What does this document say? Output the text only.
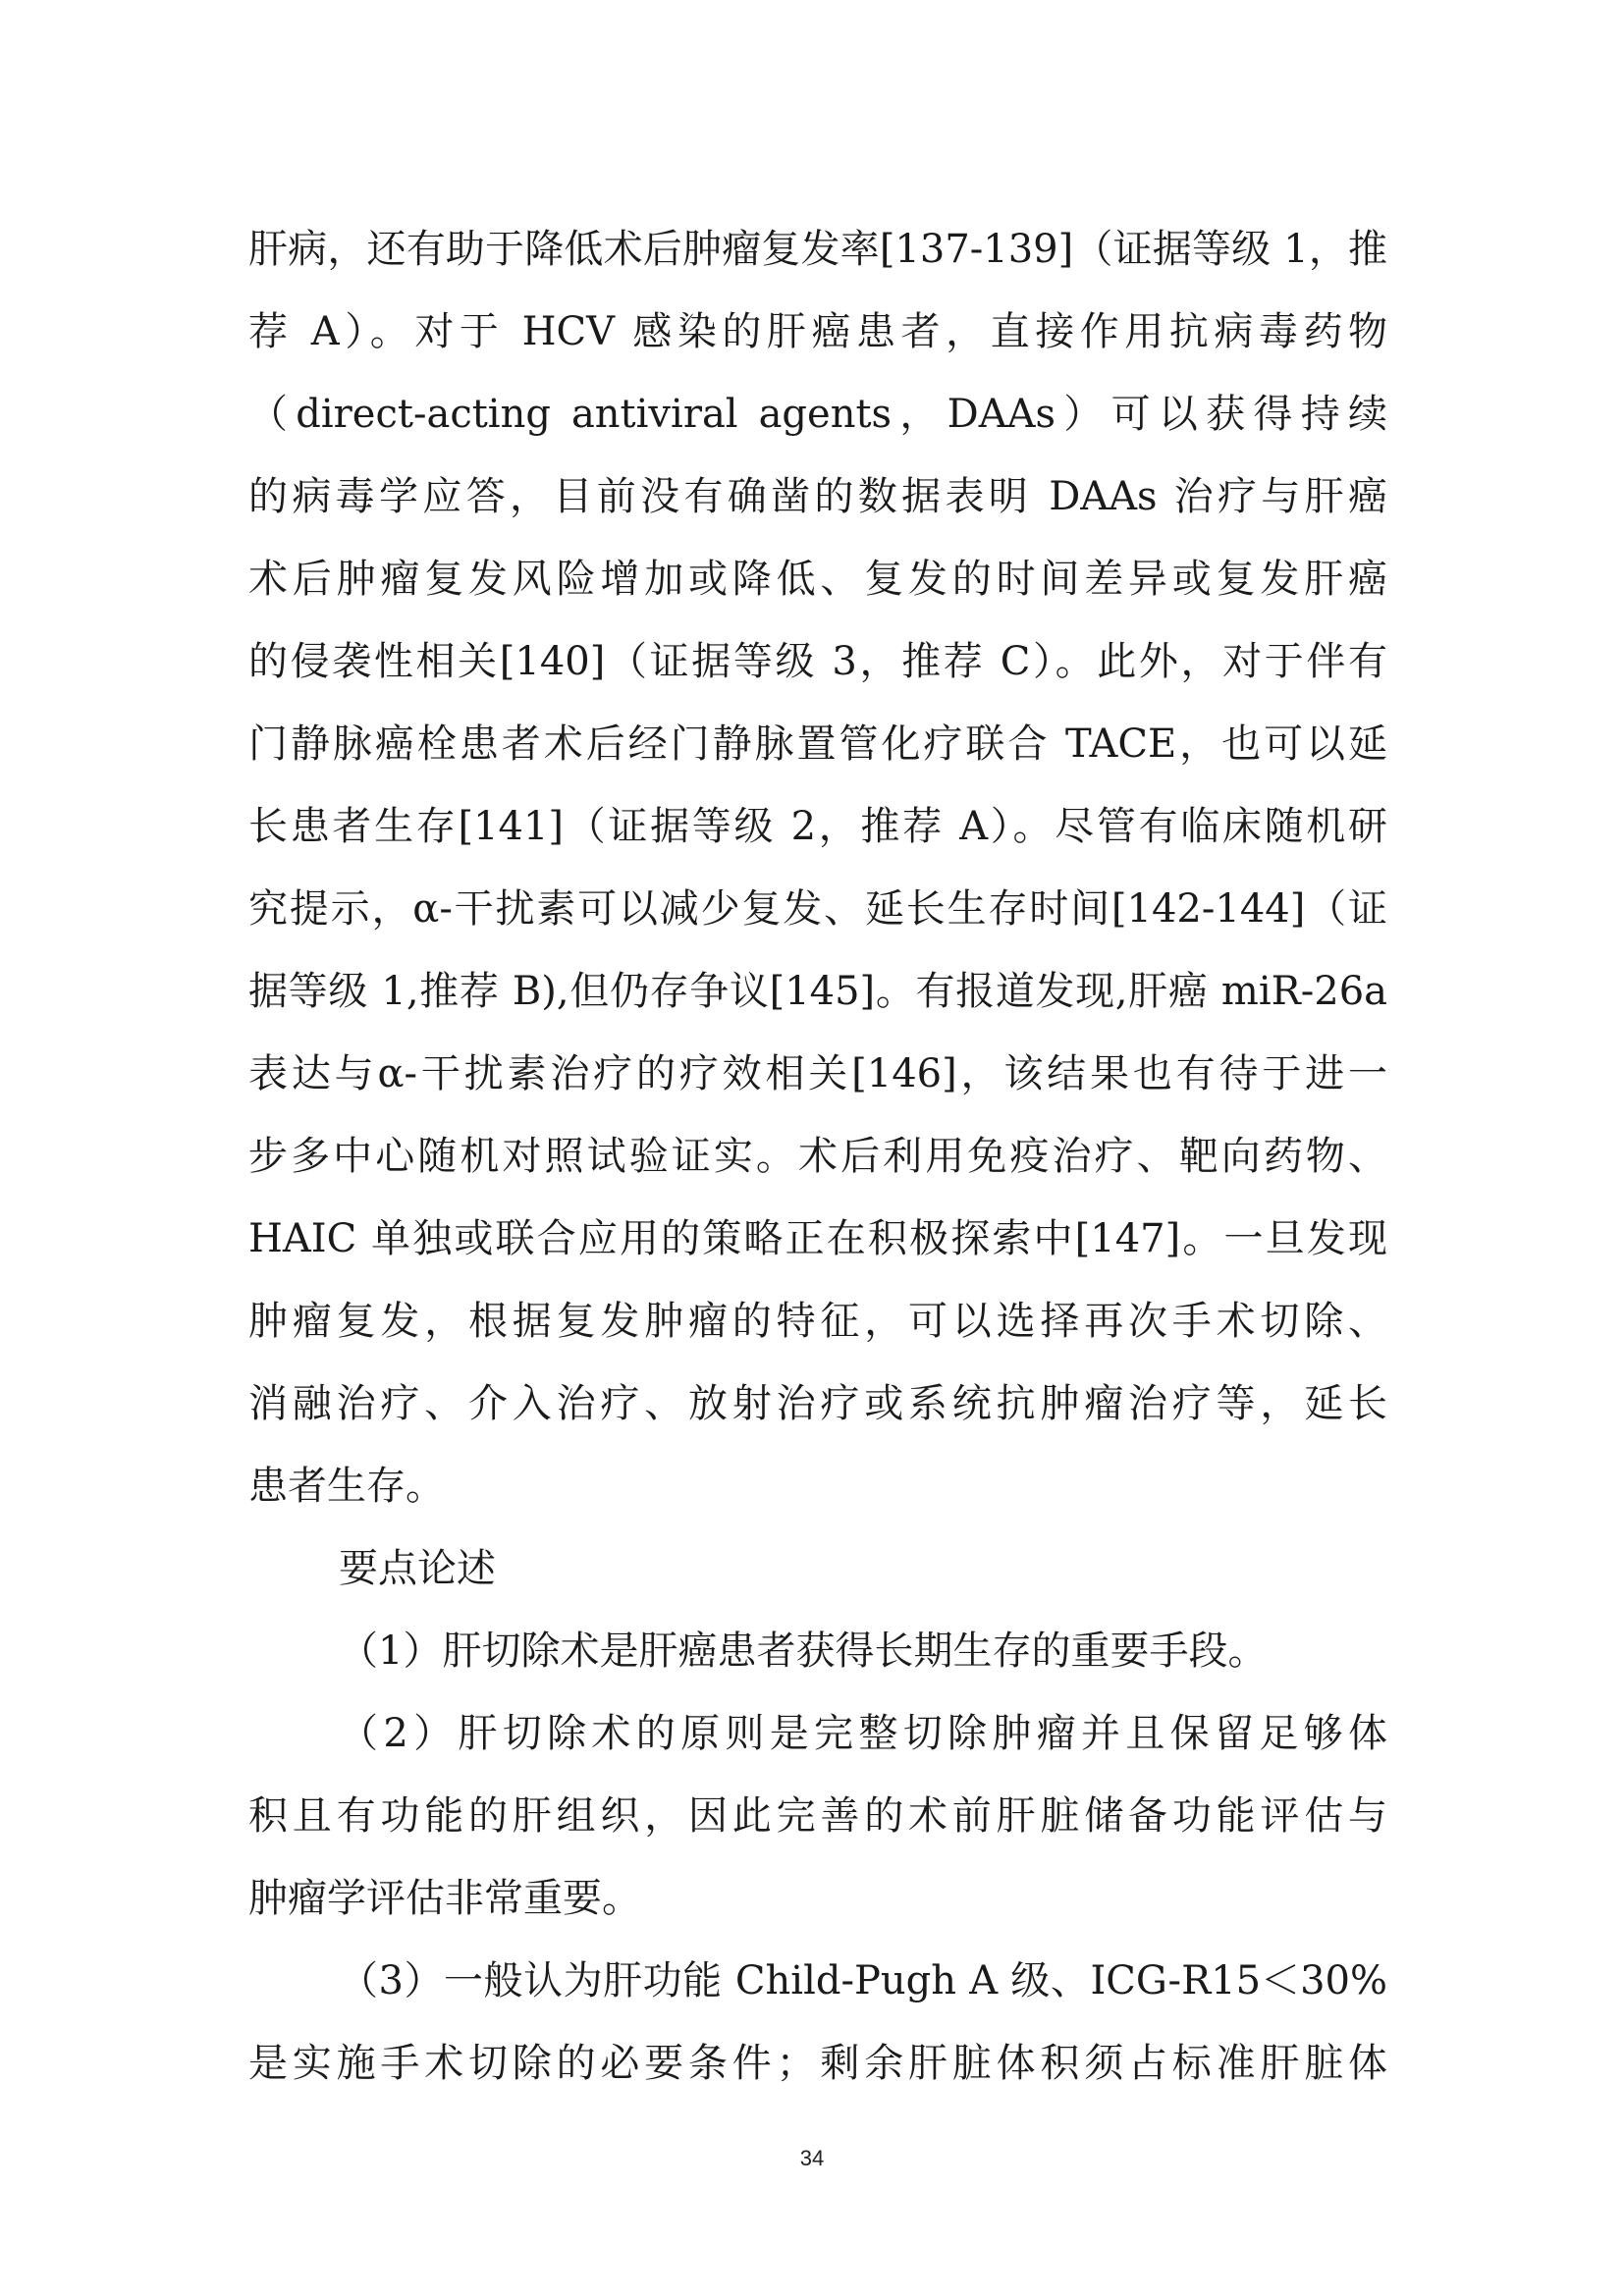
肝病，还有助于降低术后肿瘤复发率[137-139]（证据等级 1，推
荐 A）。对于 HCV 感染的肝癌患者，直接作用抗病毒药物
（direct-acting antiviral agents，DAAs）可以获得持续
的病毒学应答，目前没有确凿的数据表明 DAAs 治疗与肝癌
术后肿瘤复发风险增加或降低、复发的时间差异或复发肝癌
的侵袭性相关[140]（证据等级 3，推荐 C）。此外，对于伴有
门静脉癌栓患者术后经门静脉置管化疗联合 TACE，也可以延
长患者生存[141]（证据等级 2，推荐 A）。尽管有临床随机研
究提示，α-干扰素可以减少复发、延长生存时间[142-144]（证
据等级 1,推荐 B),但仍存争议[145]。有报道发现,肝癌 miR-26a
表达与α-干扰素治疗的疗效相关[146]，该结果也有待于进一
步多中心随机对照试验证实。术后利用免疫治疗、靶向药物、
HAIC 单独或联合应用的策略正在积极探索中[147]。一旦发现
肿瘤复发，根据复发肿瘤的特征，可以选择再次手术切除、
消融治疗、介入治疗、放射治疗或系统抗肿瘤治疗等，延长
患者生存。
要点论述
（1）肝切除术是肝癌患者获得长期生存的重要手段。
（2）肝切除术的原则是完整切除肿瘤并且保留足够体
积且有功能的肝组织，因此完善的术前肝脏储备功能评估与
肿瘤学评估非常重要。
（3）一般认为肝功能 Child-Pugh A 级、ICG-R15＜30%
是实施手术切除的必要条件；剩余肝脏体积须占标准肝脏体
34
